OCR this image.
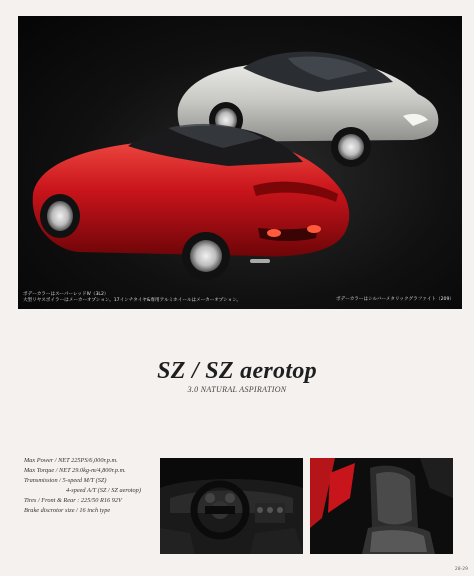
ボデーカラーはスーパーレッドⅣ（3L2）
大型リヤスポイラーはメーカーオプション。17インチタイヤ&専用アルミホイールはメーカーオプション。	ボデーカラーはシルバーメタリックグラファイト（209）
SZ / SZ aerotop
3.0 NATURAL ASPIRATION
Max Power / NET 225PS/6,000r.p.m.
Max Torque / NET 29.0kg-m/4,800r.p.m.
Transmission / 5-speed M/T (SZ)
4-speed A/T (SZ / SZ aerotop)
Tires / Front & Rear : 225/50 R16 92V
Brake discrotor size / 16 inch type
28-29
